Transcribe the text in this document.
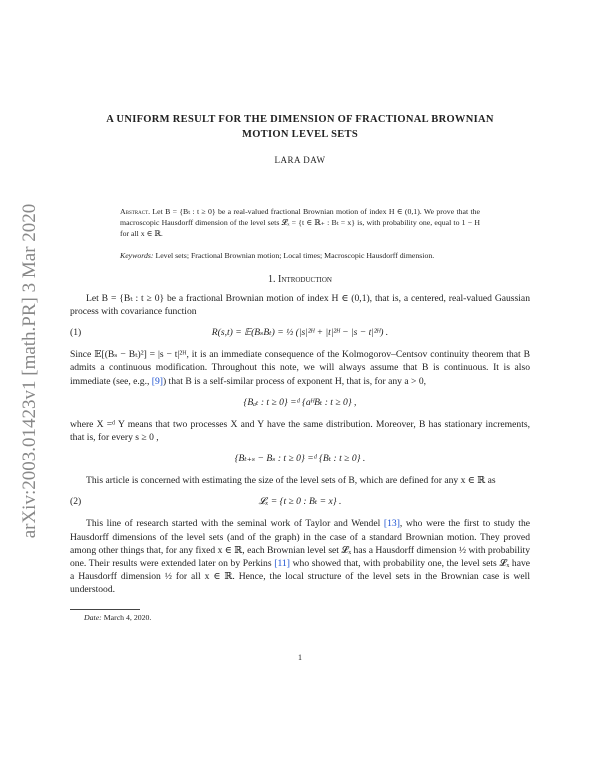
arXiv:2003.01423v1 [math.PR] 3 Mar 2020
A UNIFORM RESULT FOR THE DIMENSION OF FRACTIONAL BROWNIAN MOTION LEVEL SETS
LARA DAW
Abstract. Let B = {Bₜ : t ≥ 0} be a real-valued fractional Brownian motion of index H ∈ (0,1). We prove that the macroscopic Hausdorff dimension of the level sets 𝓛ₓ = {t ∈ ℝ₊ : Bₜ = x} is, with probability one, equal to 1 − H for all x ∈ ℝ.
Keywords: Level sets; Fractional Brownian motion; Local times; Macroscopic Hausdorff dimension.
1. Introduction
Let B = {Bₜ : t ≥ 0} be a fractional Brownian motion of index H ∈ (0,1), that is, a centered, real-valued Gaussian process with covariance function
(1)	R(s,t) = 𝔼(BₛBₜ) = ½ (|s|²ᴴ + |t|²ᴴ − |s − t|²ᴴ) .
Since 𝔼[(Bₛ − Bₜ)²] = |s − t|²ᴴ, it is an immediate consequence of the Kolmogorov–Centsov continuity theorem that B admits a continuous modification. Throughout this note, we will always assume that B is continuous. It is also immediate (see, e.g., [9]) that B is a self-similar process of exponent H, that is, for any a > 0,
{Bₐₜ : t ≥ 0} =ᵈ {aᴴBₜ : t ≥ 0} ,
where X =ᵈ Y means that two processes X and Y have the same distribution. Moreover, B has stationary increments, that is, for every s ≥ 0 ,
{Bₜ₊ₛ − Bₛ : t ≥ 0} =ᵈ {Bₜ : t ≥ 0} .
This article is concerned with estimating the size of the level sets of B, which are defined for any x ∈ ℝ as
(2)	𝓛ₓ = {t ≥ 0 : Bₜ = x} .
This line of research started with the seminal work of Taylor and Wendel [13], who were the first to study the Hausdorff dimensions of the level sets (and of the graph) in the case of a standard Brownian motion. They proved among other things that, for any fixed x ∈ ℝ, each Brownian level set 𝓛ₓ has a Hausdorff dimension ½ with probability one. Their results were extended later on by Perkins [11] who showed that, with probability one, the level sets 𝓛ₓ have a Hausdorff dimension ½ for all x ∈ ℝ. Hence, the local structure of the level sets in the Brownian case is well understood.
Date: March 4, 2020.
1
